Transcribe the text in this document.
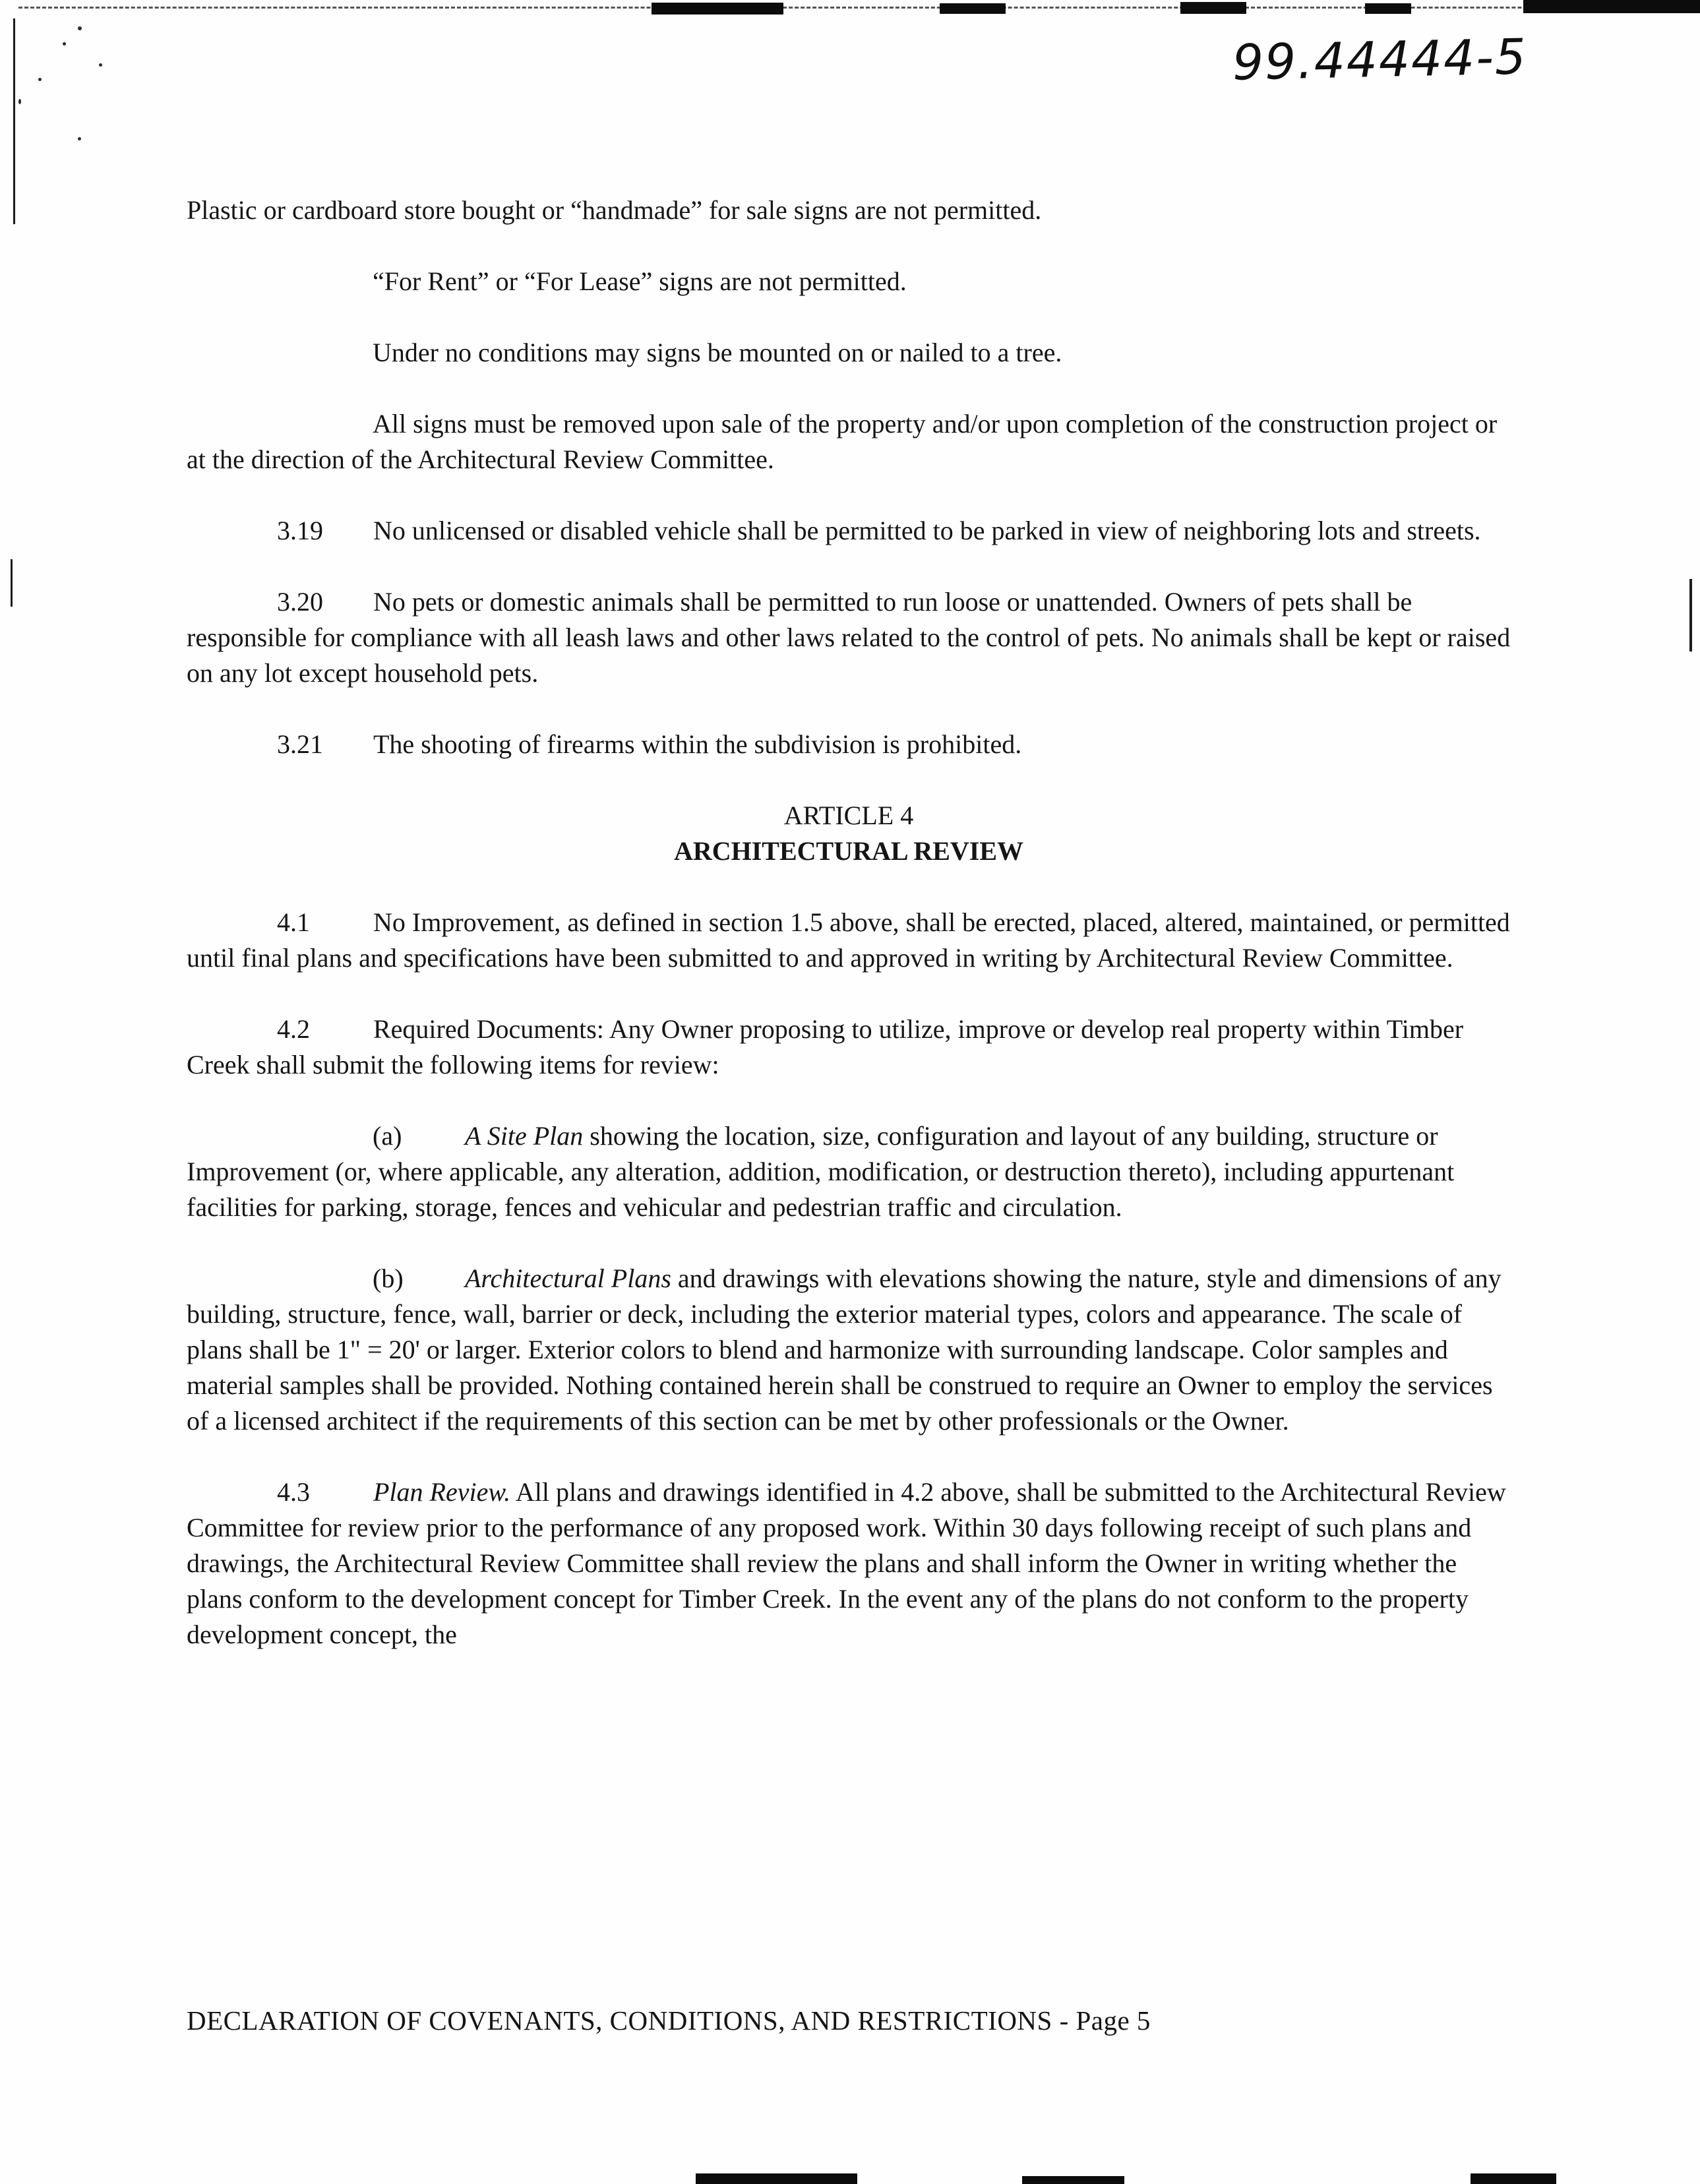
99.44444-5

Plastic or cardboard store bought or “handmade” for sale signs are not permitted.

“For Rent” or “For Lease” signs are not permitted.

Under no conditions may signs be mounted on or nailed to a tree.

All signs must be removed upon sale of the property and/or upon completion of the construction project or at the direction of the Architectural Review Committee.

3.19 No unlicensed or disabled vehicle shall be permitted to be parked in view of neighboring lots and streets.

3.20 No pets or domestic animals shall be permitted to run loose or unattended. Owners of pets shall be responsible for compliance with all leash laws and other laws related to the control of pets. No animals shall be kept or raised on any lot except household pets.

3.21 The shooting of firearms within the subdivision is prohibited.

ARTICLE 4
ARCHITECTURAL REVIEW

4.1 No Improvement, as defined in section 1.5 above, shall be erected, placed, altered, maintained, or permitted until final plans and specifications have been submitted to and approved in writing by Architectural Review Committee.

4.2 Required Documents: Any Owner proposing to utilize, improve or develop real property within Timber Creek shall submit the following items for review:

(a) A Site Plan showing the location, size, configuration and layout of any building, structure or Improvement (or, where applicable, any alteration, addition, modification, or destruction thereto), including appurtenant facilities for parking, storage, fences and vehicular and pedestrian traffic and circulation.

(b) Architectural Plans and drawings with elevations showing the nature, style and dimensions of any building, structure, fence, wall, barrier or deck, including the exterior material types, colors and appearance. The scale of plans shall be 1" = 20' or larger. Exterior colors to blend and harmonize with surrounding landscape. Color samples and material samples shall be provided. Nothing contained herein shall be construed to require an Owner to employ the services of a licensed architect if the requirements of this section can be met by other professionals or the Owner.

4.3 Plan Review. All plans and drawings identified in 4.2 above, shall be submitted to the Architectural Review Committee for review prior to the performance of any proposed work. Within 30 days following receipt of such plans and drawings, the Architectural Review Committee shall review the plans and shall inform the Owner in writing whether the plans conform to the development concept for Timber Creek. In the event any of the plans do not conform to the property development concept, the

DECLARATION OF COVENANTS, CONDITIONS, AND RESTRICTIONS - Page 5
